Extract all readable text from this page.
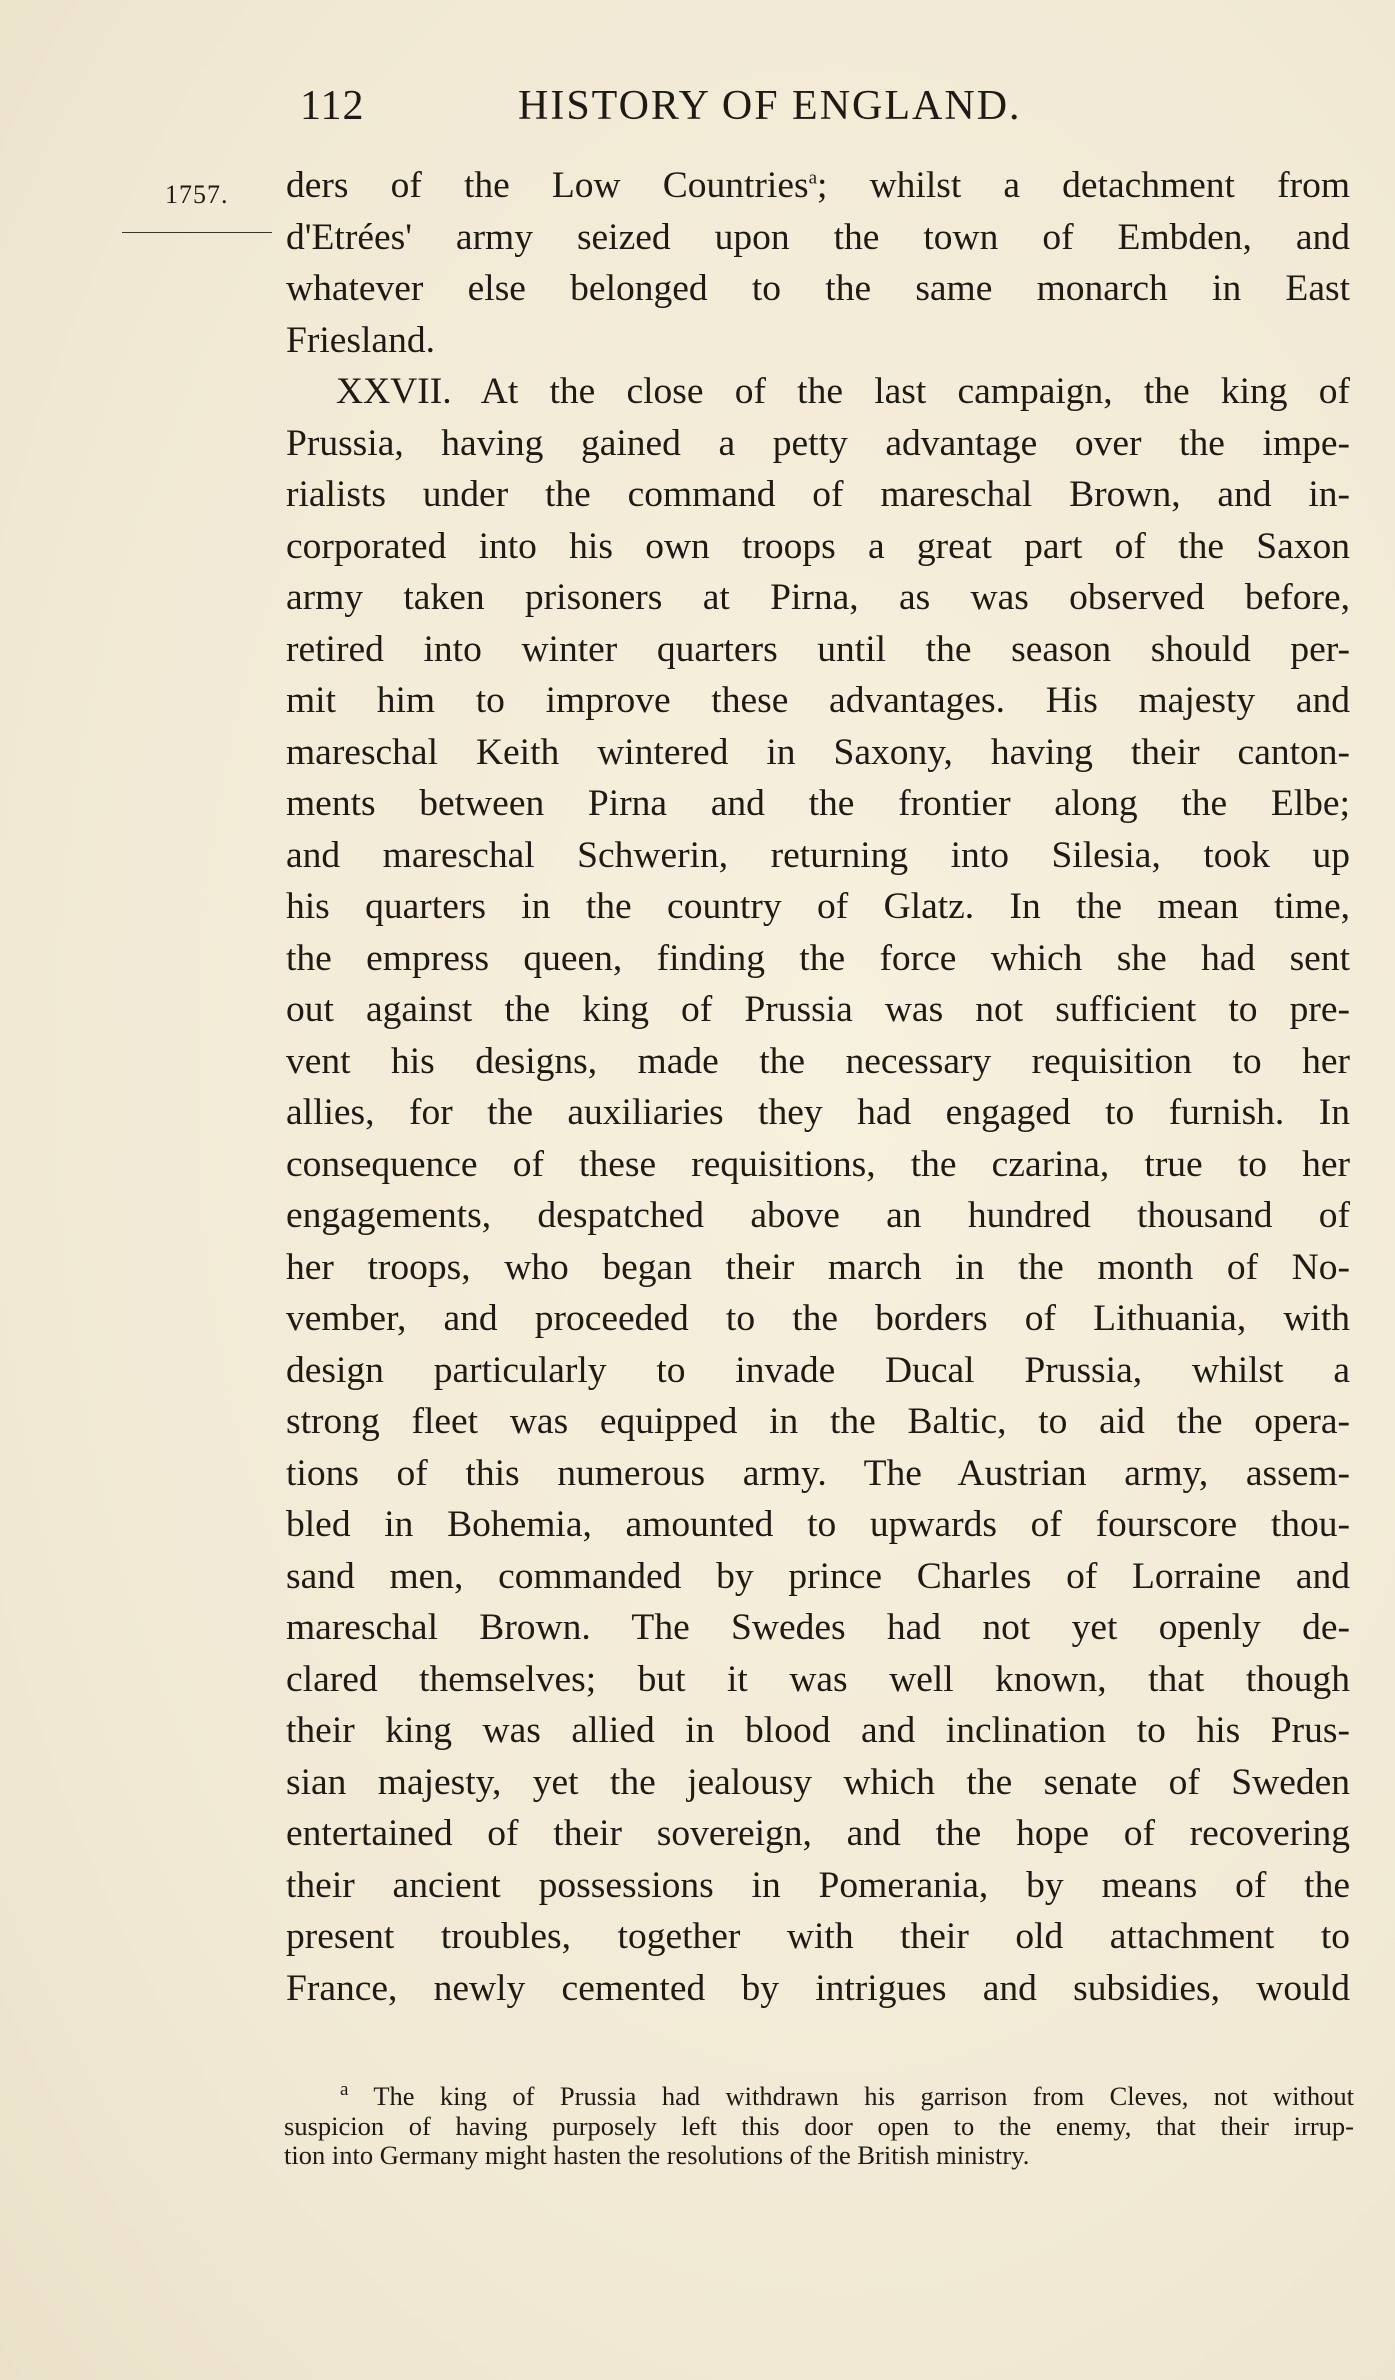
112	HISTORY OF ENGLAND.
1757. ders of the Low Countries$^a$; whilst a detachment from
d'Etrées' army seized upon the town of Embden, and
whatever else belonged to the same monarch in East
Friesland.
XXVII. At the close of the last campaign, the king of
Prussia, having gained a petty advantage over the impe-
rialists under the command of mareschal Brown, and in-
corporated into his own troops a great part of the Saxon
army taken prisoners at Pirna, as was observed before,
retired into winter quarters until the season should per-
mit him to improve these advantages. His majesty and
mareschal Keith wintered in Saxony, having their canton-
ments between Pirna and the frontier along the Elbe;
and mareschal Schwerin, returning into Silesia, took up
his quarters in the country of Glatz. In the mean time,
the empress queen, finding the force which she had sent
out against the king of Prussia was not sufficient to pre-
vent his designs, made the necessary requisition to her
allies, for the auxiliaries they had engaged to furnish. In
consequence of these requisitions, the czarina, true to her
engagements, despatched above an hundred thousand of
her troops, who began their march in the month of No-
vember, and proceeded to the borders of Lithuania, with
design particularly to invade Ducal Prussia, whilst a
strong fleet was equipped in the Baltic, to aid the opera-
tions of this numerous army. The Austrian army, assem-
bled in Bohemia, amounted to upwards of fourscore thou-
sand men, commanded by prince Charles of Lorraine and
mareschal Brown. The Swedes had not yet openly de-
clared themselves; but it was well known, that though
their king was allied in blood and inclination to his Prus-
sian majesty, yet the jealousy which the senate of Sweden
entertained of their sovereign, and the hope of recovering
their ancient possessions in Pomerania, by means of the
present troubles, together with their old attachment to
France, newly cemented by intrigues and subsidies, would
$^a$ The king of Prussia had withdrawn his garrison from Cleves, not without
suspicion of having purposely left this door open to the enemy, that their irrup-
tion into Germany might hasten the resolutions of the British ministry.
